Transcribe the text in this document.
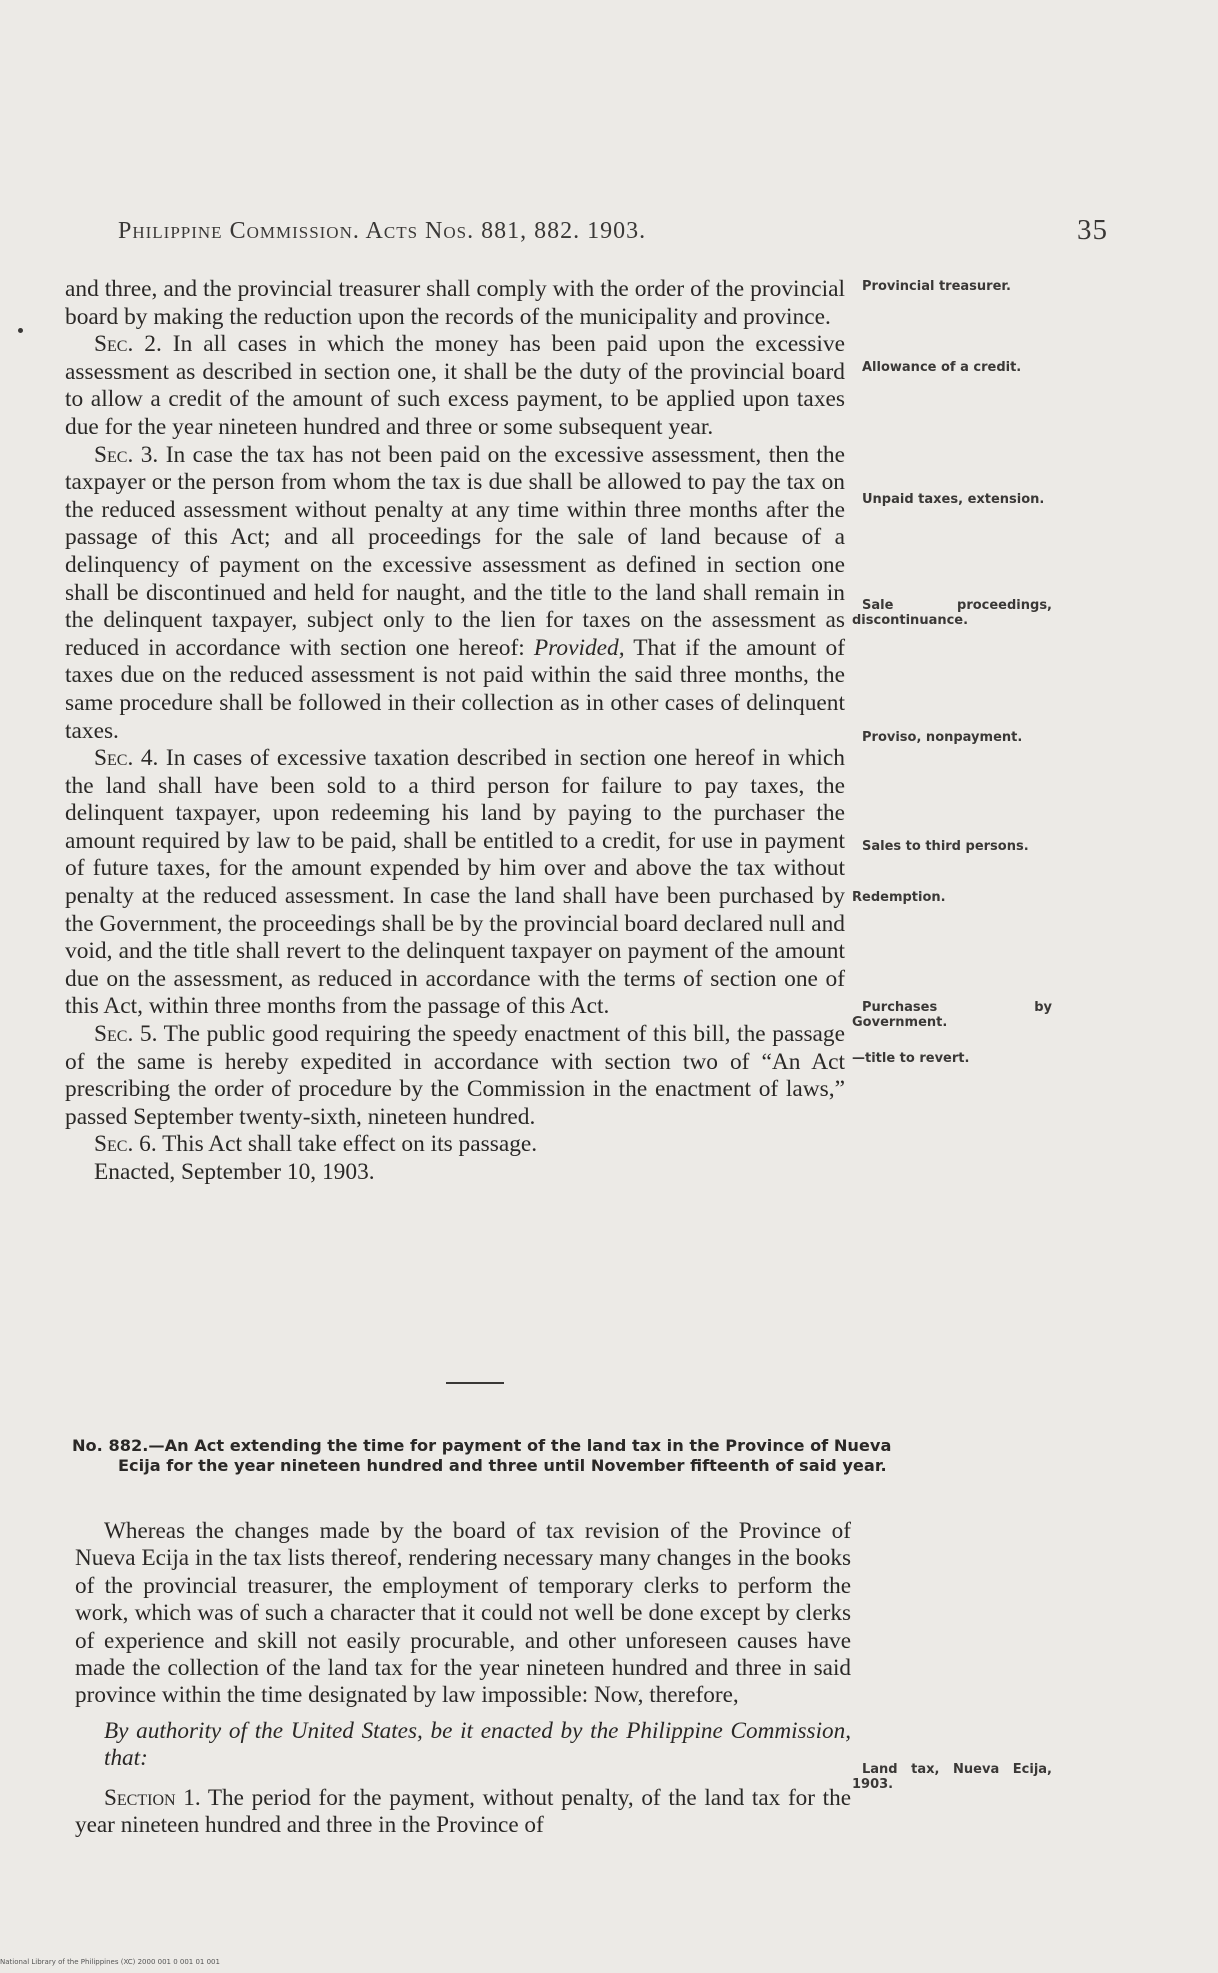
Philippine Commission. Acts Nos. 881, 882. 1903.	35

and three, and the provincial treasurer shall comply with the order of the provincial board by making the reduction upon the records of the municipality and province.

Sec. 2. In all cases in which the money has been paid upon the excessive assessment as described in section one, it shall be the duty of the provincial board to allow a credit of the amount of such excess payment, to be applied upon taxes due for the year nineteen hundred and three or some subsequent year.

Sec. 3. In case the tax has not been paid on the excessive assessment, then the taxpayer or the person from whom the tax is due shall be allowed to pay the tax on the reduced assessment without penalty at any time within three months after the passage of this Act; and all proceedings for the sale of land because of a delinquency of payment on the excessive assessment as defined in section one shall be discontinued and held for naught, and the title to the land shall remain in the delinquent taxpayer, subject only to the lien for taxes on the assessment as reduced in accordance with section one hereof: Provided, That if the amount of taxes due on the reduced assessment is not paid within the said three months, the same procedure shall be followed in their collection as in other cases of delinquent taxes.

Sec. 4. In cases of excessive taxation described in section one hereof in which the land shall have been sold to a third person for failure to pay taxes, the delinquent taxpayer, upon redeeming his land by paying to the purchaser the amount required by law to be paid, shall be entitled to a credit, for use in payment of future taxes, for the amount expended by him over and above the tax without penalty at the reduced assessment. In case the land shall have been purchased by the Government, the proceedings shall be by the provincial board declared null and void, and the title shall revert to the delinquent taxpayer on payment of the amount due on the assessment, as reduced in accordance with the terms of section one of this Act, within three months from the passage of this Act.

Sec. 5. The public good requiring the speedy enactment of this bill, the passage of the same is hereby expedited in accordance with section two of “An Act prescribing the order of procedure by the Commission in the enactment of laws,” passed September twenty-sixth, nineteen hundred.

Sec. 6. This Act shall take effect on its passage.

Enacted, September 10, 1903.

Provincial treasurer.
Allowance of a credit.
Unpaid taxes, extension.
Sale proceedings, discontinuance.
Proviso, nonpayment.
Sales to third persons.
Redemption.
Purchases by Government.
—title to revert.
No. 882.—An Act extending the time for payment of the land tax in the Province of Nueva Ecija for the year nineteen hundred and three until November fifteenth of said year.

Whereas the changes made by the board of tax revision of the Province of Nueva Ecija in the tax lists thereof, rendering necessary many changes in the books of the provincial treasurer, the employment of temporary clerks to perform the work, which was of such a character that it could not well be done except by clerks of experience and skill not easily procurable, and other unforeseen causes have made the collection of the land tax for the year nineteen hundred and three in said province within the time designated by law impossible: Now, therefore,

By authority of the United States, be it enacted by the Philippine Commission, that:

Section 1. The period for the payment, without penalty, of the land tax for the year nineteen hundred and three in the Province of

Land tax, Nueva Ecija, 1903.
National Library of the Philippines (XC) 2000 001 0 001 01 001
